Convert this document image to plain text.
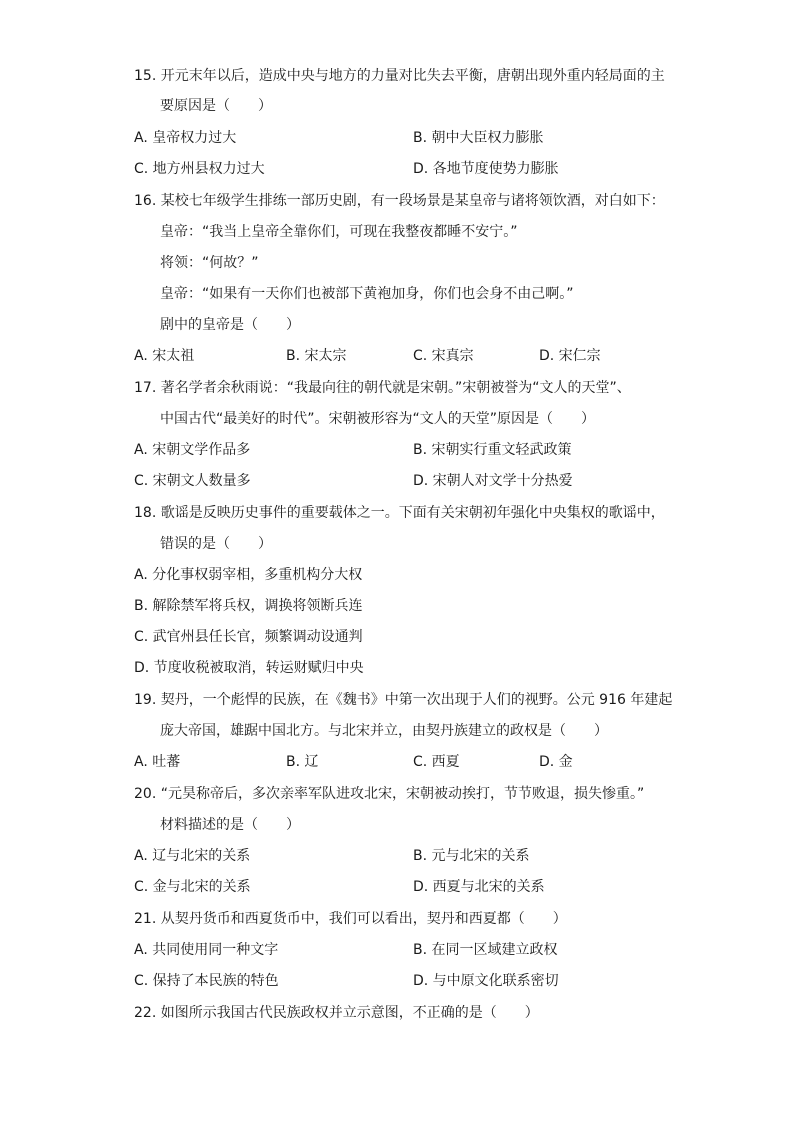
15. 开元末年以后，造成中央与地方的力量对比失去平衡，唐朝出现外重内轻局面的主
要原因是（　　）
A. 皇帝权力过大	B. 朝中大臣权力膨胀
C. 地方州县权力过大	D. 各地节度使势力膨胀
16. 某校七年级学生排练一部历史剧，有一段场景是某皇帝与诸将领饮酒，对白如下：
皇帝：“我当上皇帝全靠你们，可现在我整夜都睡不安宁。”
将领：“何故？”
皇帝：“如果有一天你们也被部下黄袍加身，你们也会身不由己啊。”
剧中的皇帝是（　　）
A. 宋太祖	B. 宋太宗	C. 宋真宗	D. 宋仁宗
17. 著名学者余秋雨说：“我最向往的朝代就是宋朝。”宋朝被誉为“文人的天堂”、
中国古代“最美好的时代”。宋朝被形容为“文人的天堂”原因是（　　）
A. 宋朝文学作品多	B. 宋朝实行重文轻武政策
C. 宋朝文人数量多	D. 宋朝人对文学十分热爱
18. 歌谣是反映历史事件的重要载体之一。下面有关宋朝初年强化中央集权的歌谣中，
错误的是（　　）
A. 分化事权弱宰相，多重机构分大权
B. 解除禁军将兵权，调换将领断兵连
C. 武官州县任长官，频繁调动设通判
D. 节度收税被取消，转运财赋归中央
19. 契丹，一个彪悍的民族，在《魏书》中第一次出现于人们的视野。公元 916 年建起
庞大帝国，雄踞中国北方。与北宋并立，由契丹族建立的政权是（　　）
A. 吐蕃	B. 辽	C. 西夏	D. 金
20. “元昊称帝后，多次亲率军队进攻北宋，宋朝被动挨打，节节败退，损失惨重。”
材料描述的是（　　）
A. 辽与北宋的关系	B. 元与北宋的关系
C. 金与北宋的关系	D. 西夏与北宋的关系
21. 从契丹货币和西夏货币中，我们可以看出，契丹和西夏都（　　）
A. 共同使用同一种文字	B. 在同一区域建立政权
C. 保持了本民族的特色	D. 与中原文化联系密切
22. 如图所示我国古代民族政权并立示意图，不正确的是（　　）
